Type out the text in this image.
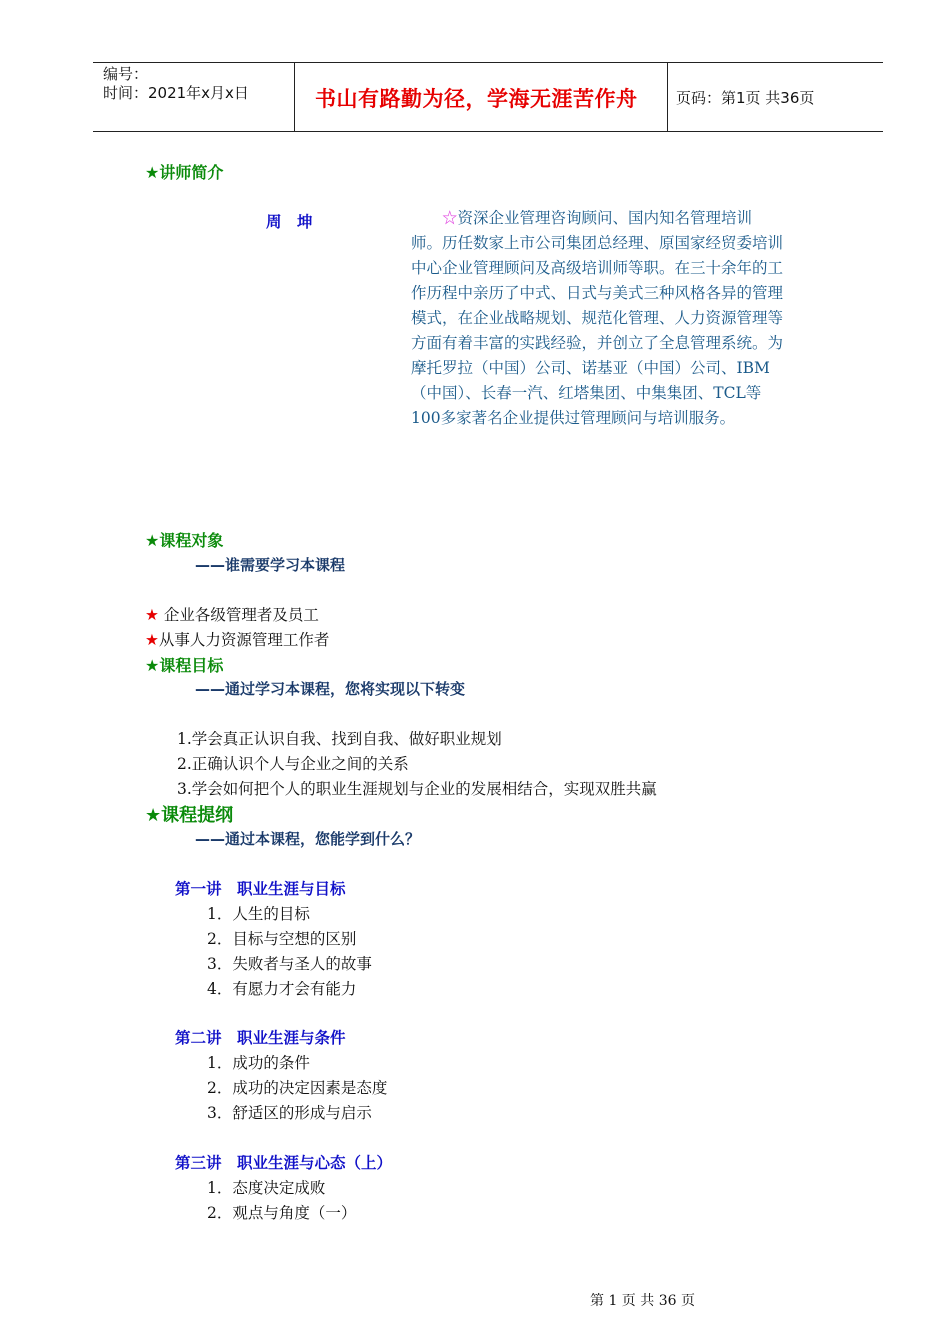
编号：
时间：2021年x月x日	书山有路勤为径，学海无涯苦作舟	页码：第1页 共36页
★讲师简介
周　坤	☆资深企业管理咨询顾问、国内知名管理培训师。历任数家上市公司集团总经理、原国家经贸委培训中心企业管理顾问及高级培训师等职。在三十余年的工作历程中亲历了中式、日式与美式三种风格各异的管理模式，在企业战略规划、规范化管理、人力资源管理等方面有着丰富的实践经验，并创立了全息管理系统。为摩托罗拉（中国）公司、诺基亚（中国）公司、IBM（中国）、长春一汽、红塔集团、中集集团、TCL等100多家著名企业提供过管理顾问与培训服务。
★课程对象
——谁需要学习本课程
★ 企业各级管理者及员工
★从事人力资源管理工作者
★课程目标
——通过学习本课程，您将实现以下转变
1.学会真正认识自我、找到自我、做好职业规划
2.正确认识个人与企业之间的关系
3.学会如何把个人的职业生涯规划与企业的发展相结合，实现双胜共赢
★课程提纲
——通过本课程，您能学到什么？
第一讲　职业生涯与目标
1．人生的目标
2．目标与空想的区别
3．失败者与圣人的故事
4．有愿力才会有能力
第二讲　职业生涯与条件
1．成功的条件
2．成功的决定因素是态度
3．舒适区的形成与启示
第三讲　职业生涯与心态（上）
1．态度决定成败
2．观点与角度（一）
第 1 页 共 36 页
